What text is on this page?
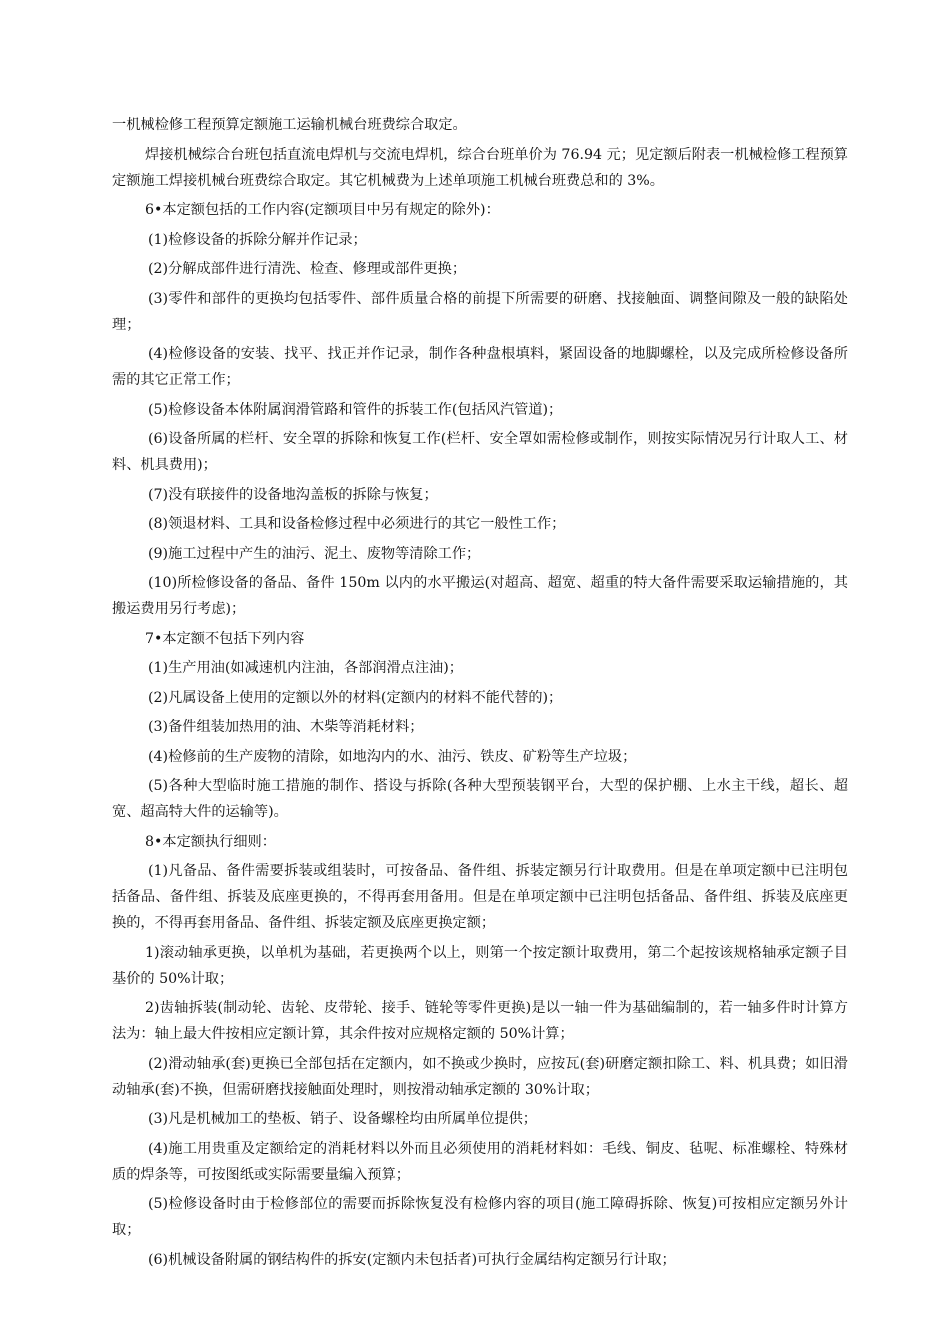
一机械检修工程预算定额施工运输机械台班费综合取定。

焊接机械综合台班包括直流电焊机与交流电焊机，综合台班单价为 76.94 元；见定额后附表一机械检修工程预算定额施工焊接机械台班费综合取定。其它机械费为上述单项施工机械台班费总和的 3%。

6•本定额包括的工作内容(定额项目中另有规定的除外)：

(1)检修设备的拆除分解并作记录；

(2)分解成部件进行清洗、检查、修理或部件更换；

(3)零件和部件的更换均包括零件、部件质量合格的前提下所需要的研磨、找接触面、调整间隙及一般的缺陷处理；

(4)检修设备的安装、找平、找正并作记录，制作各种盘根填料，紧固设备的地脚螺栓，以及完成所检修设备所需的其它正常工作；

(5)检修设备本体附属润滑管路和管件的拆装工作(包括风汽管道)；

(6)设备所属的栏杆、安全罩的拆除和恢复工作(栏杆、安全罩如需检修或制作，则按实际情况另行计取人工、材料、机具费用)；

(7)没有联接件的设备地沟盖板的拆除与恢复；

(8)领退材料、工具和设备检修过程中必须进行的其它一般性工作；

(9)施工过程中产生的油污、泥土、废物等清除工作；

(10)所检修设备的备品、备件 150m 以内的水平搬运(对超高、超宽、超重的特大备件需要采取运输措施的，其搬运费用另行考虑)；

7•本定额不包括下列内容

(1)生产用油(如减速机内注油，各部润滑点注油)；

(2)凡属设备上使用的定额以外的材料(定额内的材料不能代替的)；

(3)备件组装加热用的油、木柴等消耗材料；

(4)检修前的生产废物的清除，如地沟内的水、油污、铁皮、矿粉等生产垃圾；

(5)各种大型临时施工措施的制作、搭设与拆除(各种大型预装钢平台，大型的保护棚、上水主干线，超长、超宽、超高特大件的运输等)。

8•本定额执行细则：

(1)凡备品、备件需要拆装或组装时，可按备品、备件组、拆装定额另行计取费用。但是在单项定额中已注明包括备品、备件组、拆装及底座更换的，不得再套用备用。但是在单项定额中已注明包括备品、备件组、拆装及底座更换的，不得再套用备品、备件组、拆装定额及底座更换定额；

1)滚动轴承更换，以单机为基础，若更换两个以上，则第一个按定额计取费用，第二个起按该规格轴承定额子目基价的 50%计取；

2)齿轴拆装(制动轮、齿轮、皮带轮、接手、链轮等零件更换)是以一轴一件为基础编制的，若一轴多件时计算方法为：轴上最大件按相应定额计算，其余件按对应规格定额的 50%计算；

(2)滑动轴承(套)更换已全部包括在定额内，如不换或少换时，应按瓦(套)研磨定额扣除工、料、机具费；如旧滑动轴承(套)不换，但需研磨找接触面处理时，则按滑动轴承定额的 30%计取；

(3)凡是机械加工的垫板、销子、设备螺栓均由所属单位提供；

(4)施工用贵重及定额给定的消耗材料以外而且必须使用的消耗材料如：毛线、铜皮、毡呢、标准螺栓、特殊材质的焊条等，可按图纸或实际需要量编入预算；

(5)检修设备时由于检修部位的需要而拆除恢复没有检修内容的项目(施工障碍拆除、恢复)可按相应定额另外计取；

(6)机械设备附属的钢结构件的拆安(定额内未包括者)可执行金属结构定额另行计取；
